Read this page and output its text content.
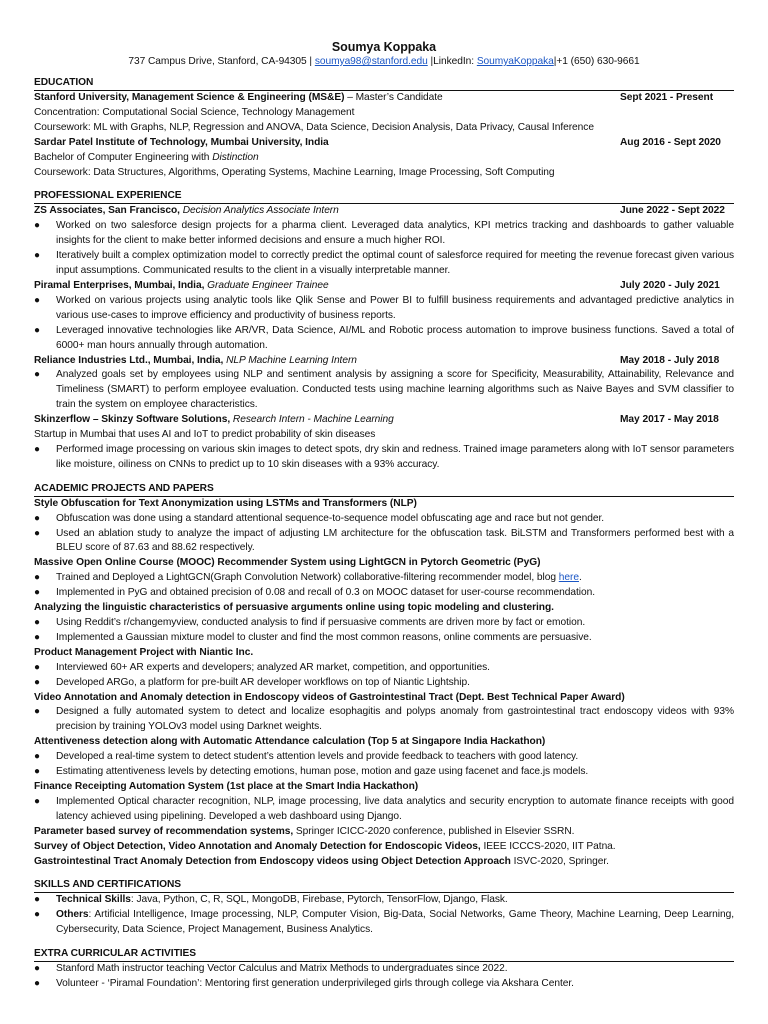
Soumya Koppaka
737 Campus Drive, Stanford, CA-94305 | soumya98@stanford.edu |LinkedIn: SoumyaKoppaka|+1 (650) 630-9661
EDUCATION
Stanford University, Management Science & Engineering (MS&E) – Master’s Candidate	Sept 2021 - Present
Concentration: Computational Social Science, Technology Management
Coursework: ML with Graphs, NLP, Regression and ANOVA, Data Science, Decision Analysis, Data Privacy, Causal Inference
Sardar Patel Institute of Technology, Mumbai University, India	Aug 2016 - Sept 2020
Bachelor of Computer Engineering with Distinction
Coursework: Data Structures, Algorithms, Operating Systems, Machine Learning, Image Processing, Soft Computing
PROFESSIONAL EXPERIENCE
ZS Associates, San Francisco, Decision Analytics Associate Intern	June 2022 - Sept 2022
●	Worked on two salesforce design projects for a pharma client. Leveraged data analytics, KPI metrics tracking and dashboards to gather valuable insights for the client to make better informed decisions and ensure a much higher ROI.
●	Iteratively built a complex optimization model to correctly predict the optimal count of salesforce required for meeting the revenue forecast given various input assumptions. Communicated results to the client in a visually interpretable manner.
Piramal Enterprises, Mumbai, India, Graduate Engineer Trainee	July 2020 - July 2021
●	Worked on various projects using analytic tools like Qlik Sense and Power BI to fulfill business requirements and advantaged predictive analytics in various use-cases to improve efficiency and productivity of business reports.
●	Leveraged innovative technologies like AR/VR, Data Science, AI/ML and Robotic process automation to improve business functions. Saved a total of 6000+ man hours annually through automation.
Reliance Industries Ltd., Mumbai, India, NLP Machine Learning Intern	May 2018 - July 2018
●	Analyzed goals set by employees using NLP and sentiment analysis by assigning a score for Specificity, Measurability, Attainability, Relevance and Timeliness (SMART) to perform employee evaluation. Conducted tests using machine learning algorithms such as Naive Bayes and SVM classifier to train the system on employee characteristics.
Skinzerflow – Skinzy Software Solutions, Research Intern - Machine Learning	May 2017 - May 2018
Startup in Mumbai that uses AI and IoT to predict probability of skin diseases
●	Performed image processing on various skin images to detect spots, dry skin and redness. Trained image parameters along with IoT sensor parameters like moisture, oiliness on CNNs to predict up to 10 skin diseases with a 93% accuracy.
ACADEMIC PROJECTS AND PAPERS
Style Obfuscation for Text Anonymization using LSTMs and Transformers (NLP)
●	Obfuscation was done using a standard attentional sequence-to-sequence model obfuscating age and race but not gender.
●	Used an ablation study to analyze the impact of adjusting LM architecture for the obfuscation task. BiLSTM and Transformers performed best with a BLEU score of 87.63 and 88.62 respectively.
Massive Open Online Course (MOOC) Recommender System using LightGCN in Pytorch Geometric (PyG)
●	Trained and Deployed a LightGCN(Graph Convolution Network) collaborative-filtering recommender model, blog here.
●	Implemented in PyG and obtained precision of 0.08 and recall of 0.3 on MOOC dataset for user-course recommendation.
Analyzing the linguistic characteristics of persuasive arguments online using topic modeling and clustering.
●	Using Reddit’s r/changemyview, conducted analysis to find if persuasive comments are driven more by fact or emotion.
●	Implemented a Gaussian mixture model to cluster and find the most common reasons, online comments are persuasive.
Product Management Project with Niantic Inc.
●	Interviewed 60+ AR experts and developers; analyzed AR market, competition, and opportunities.
●	Developed ARGo, a platform for pre-built AR developer workflows on top of Niantic Lightship.
Video Annotation and Anomaly detection in Endoscopy videos of Gastrointestinal Tract (Dept. Best Technical Paper Award)
●	Designed a fully automated system to detect and localize esophagitis and polyps anomaly from gastrointestinal tract endoscopy videos with 93% precision by training YOLOv3 model using Darknet weights.
Attentiveness detection along with Automatic Attendance calculation (Top 5 at Singapore India Hackathon)
●	Developed a real-time system to detect student’s attention levels and provide feedback to teachers with good latency.
●	Estimating attentiveness levels by detecting emotions, human pose, motion and gaze using facenet and face.js models.
Finance Receipting Automation System (1st place at the Smart India Hackathon)
●	Implemented Optical character recognition, NLP, image processing, live data analytics and security encryption to automate finance receipts with good latency achieved using pipelining. Developed a web dashboard using Django.
Parameter based survey of recommendation systems, Springer ICICC-2020 conference, published in Elsevier SSRN.
Survey of Object Detection, Video Annotation and Anomaly Detection for Endoscopic Videos, IEEE ICCCS-2020, IIT Patna.
Gastrointestinal Tract Anomaly Detection from Endoscopy videos using Object Detection Approach ISVC-2020, Springer.
SKILLS AND CERTIFICATIONS
●	Technical Skills: Java, Python, C, R, SQL, MongoDB, Firebase, Pytorch, TensorFlow, Django, Flask.
●	Others: Artificial Intelligence, Image processing, NLP, Computer Vision, Big-Data, Social Networks, Game Theory, Machine Learning, Deep Learning, Cybersecurity, Data Science, Project Management, Business Analytics.
EXTRA CURRICULAR ACTIVITIES
●	Stanford Math instructor teaching Vector Calculus and Matrix Methods to undergraduates since 2022.
●	Volunteer - ‘Piramal Foundation’: Mentoring first generation underprivileged girls through college via Akshara Center.
